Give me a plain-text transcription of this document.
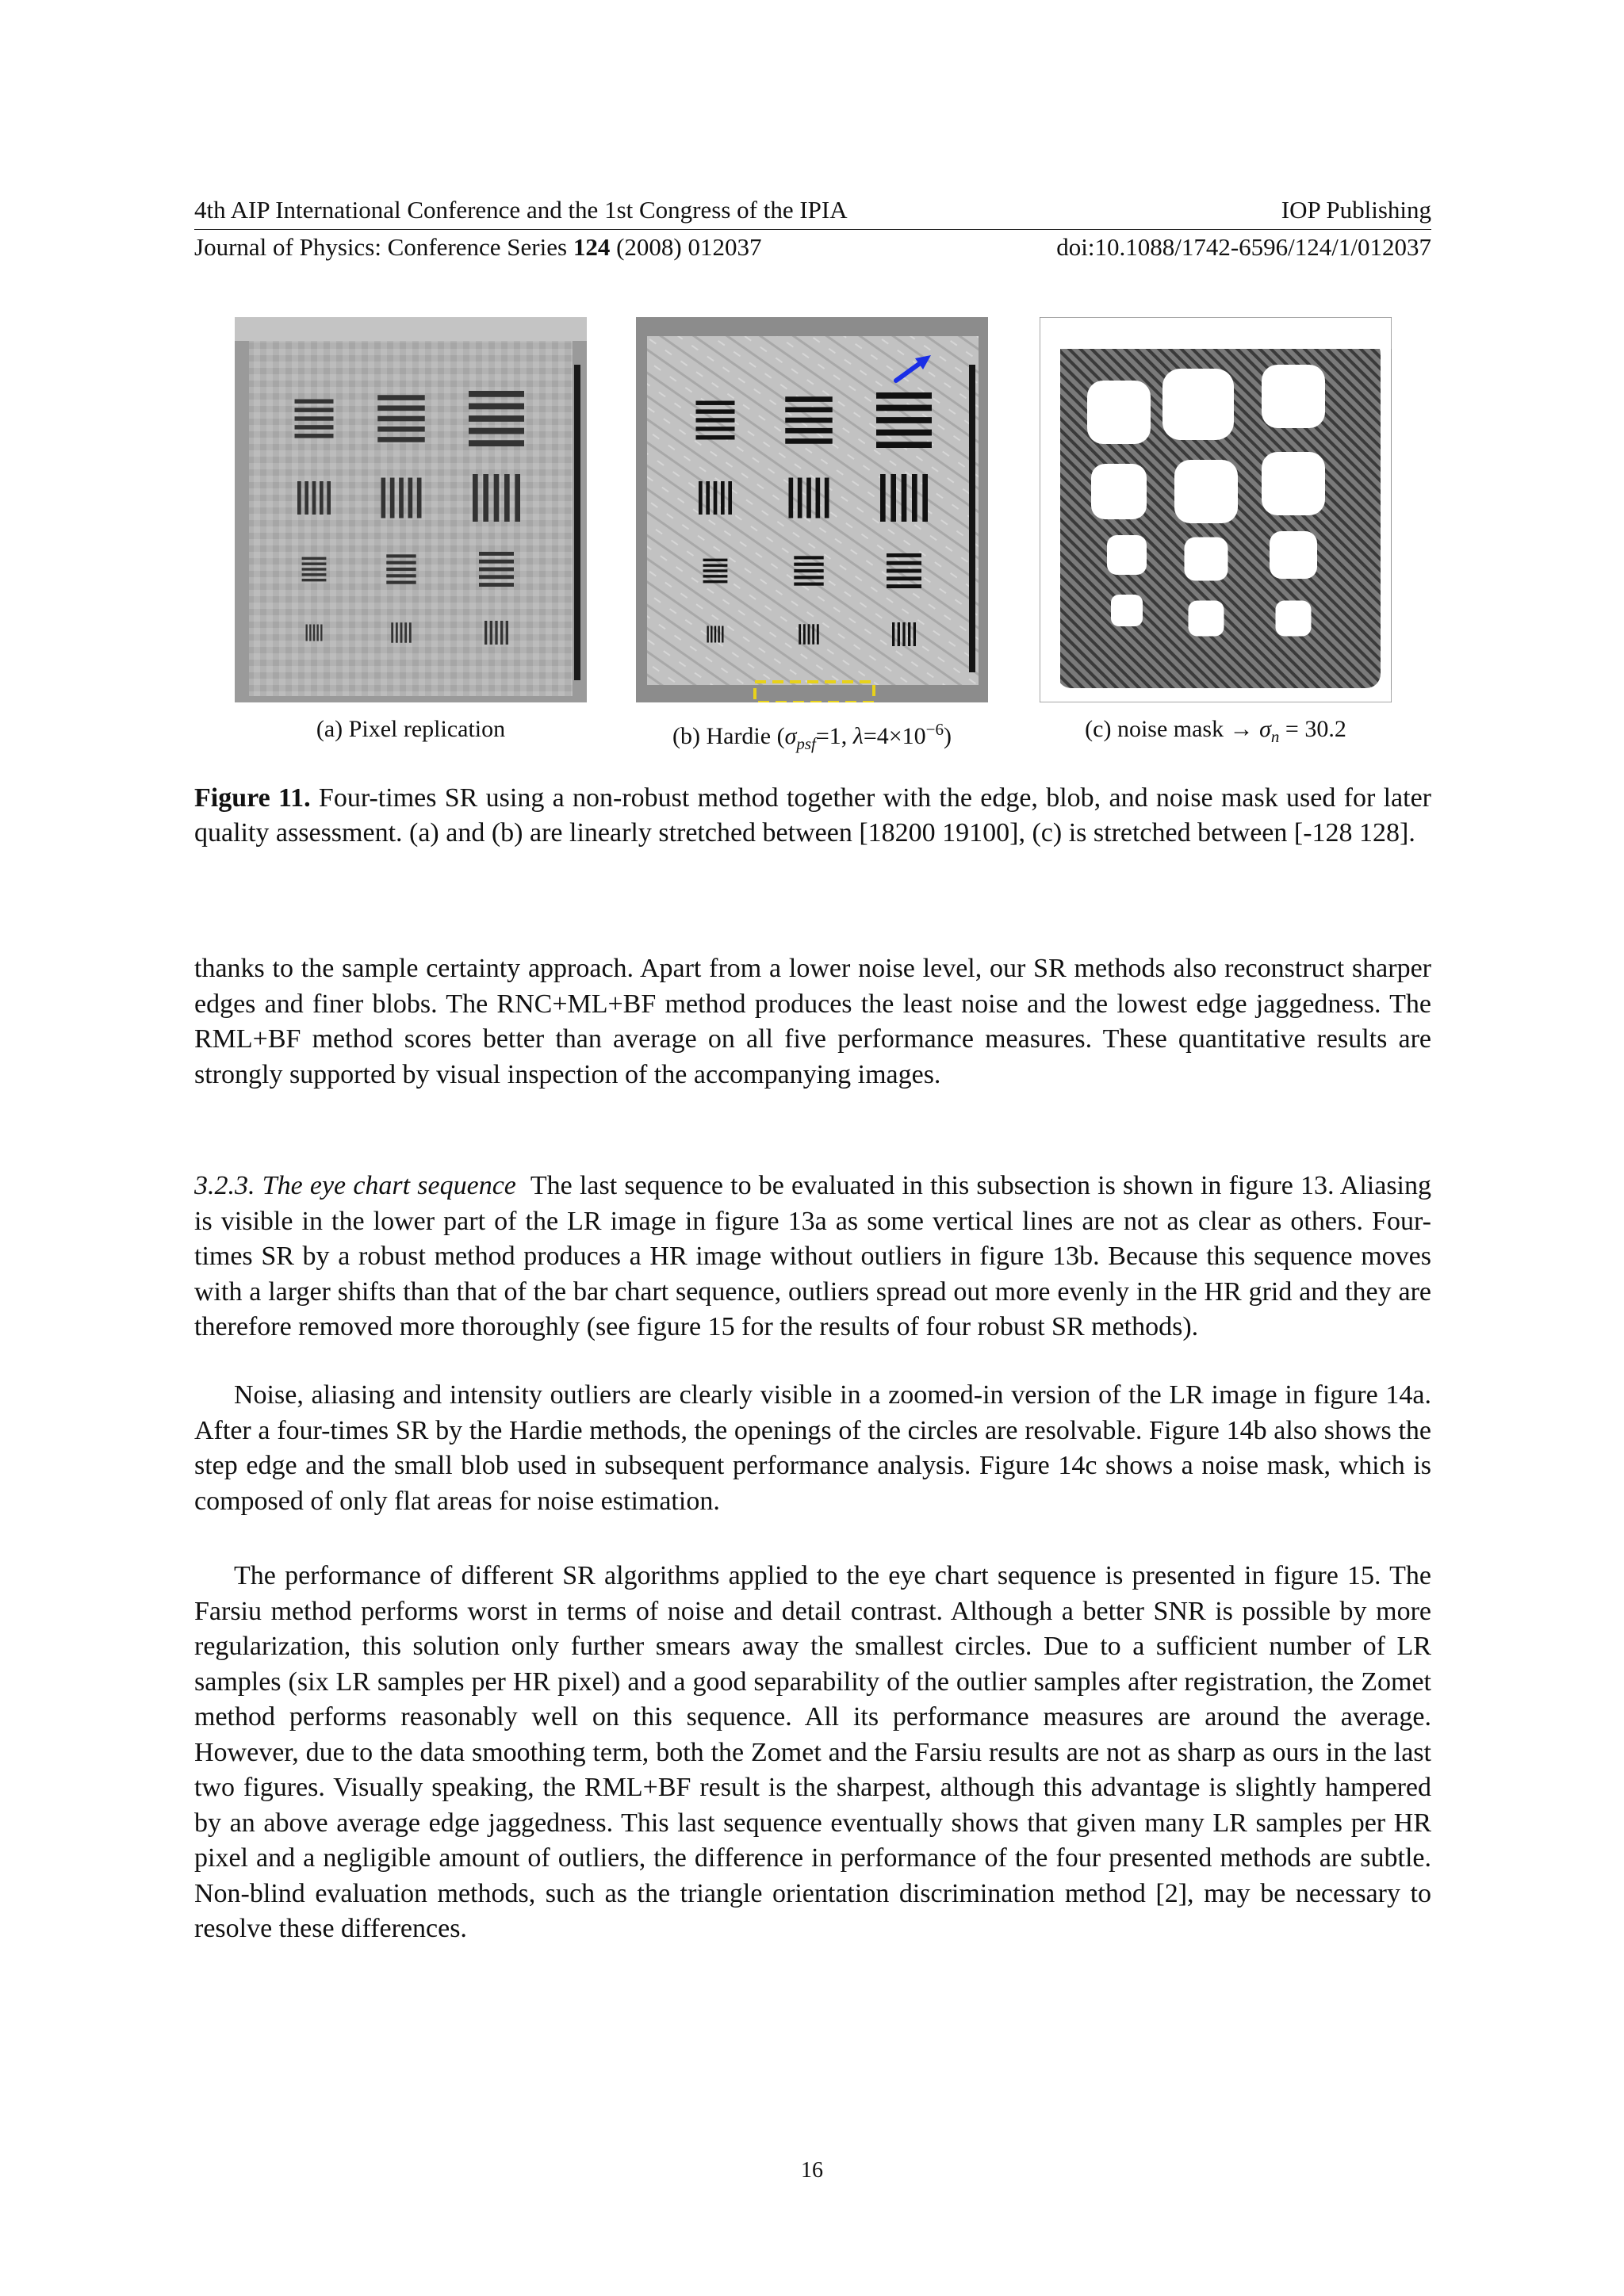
4th AIP International Conference and the 1st Congress of the IPIA	IOP Publishing
Journal of Physics: Conference Series 124 (2008) 012037	doi:10.1088/1742-6596/124/1/012037
(a) Pixel replication	(b) Hardie ($\sigma_{psf}=1$, $\lambda=4\times 10^{-6}$)	(c) noise mask → $\sigma_n = 30.2$
Figure 11. Four-times SR using a non-robust method together with the edge, blob, and noise mask used for later quality assessment. (a) and (b) are linearly stretched between [18200 19100], (c) is stretched between [-128 128].

thanks to the sample certainty approach. Apart from a lower noise level, our SR methods also reconstruct sharper edges and finer blobs. The RNC+ML+BF method produces the least noise and the lowest edge jaggedness. The RML+BF method scores better than average on all five performance measures. These quantitative results are strongly supported by visual inspection of the accompanying images.

3.2.3. The eye chart sequence The last sequence to be evaluated in this subsection is shown in figure 13. Aliasing is visible in the lower part of the LR image in figure 13a as some vertical lines are not as clear as others. Four-times SR by a robust method produces a HR image without outliers in figure 13b. Because this sequence moves with a larger shifts than that of the bar chart sequence, outliers spread out more evenly in the HR grid and they are therefore removed more thoroughly (see figure 15 for the results of four robust SR methods).

Noise, aliasing and intensity outliers are clearly visible in a zoomed-in version of the LR image in figure 14a. After a four-times SR by the Hardie methods, the openings of the circles are resolvable. Figure 14b also shows the step edge and the small blob used in subsequent performance analysis. Figure 14c shows a noise mask, which is composed of only flat areas for noise estimation.

The performance of different SR algorithms applied to the eye chart sequence is presented in figure 15. The Farsiu method performs worst in terms of noise and detail contrast. Although a better SNR is possible by more regularization, this solution only further smears away the smallest circles. Due to a sufficient number of LR samples (six LR samples per HR pixel) and a good separability of the outlier samples after registration, the Zomet method performs reasonably well on this sequence. All its performance measures are around the average. However, due to the data smoothing term, both the Zomet and the Farsiu results are not as sharp as ours in the last two figures. Visually speaking, the RML+BF result is the sharpest, although this advantage is slightly hampered by an above average edge jaggedness. This last sequence eventually shows that given many LR samples per HR pixel and a negligible amount of outliers, the difference in performance of the four presented methods are subtle. Non-blind evaluation methods, such as the triangle orientation discrimination method [2], may be necessary to resolve these differences.

16
